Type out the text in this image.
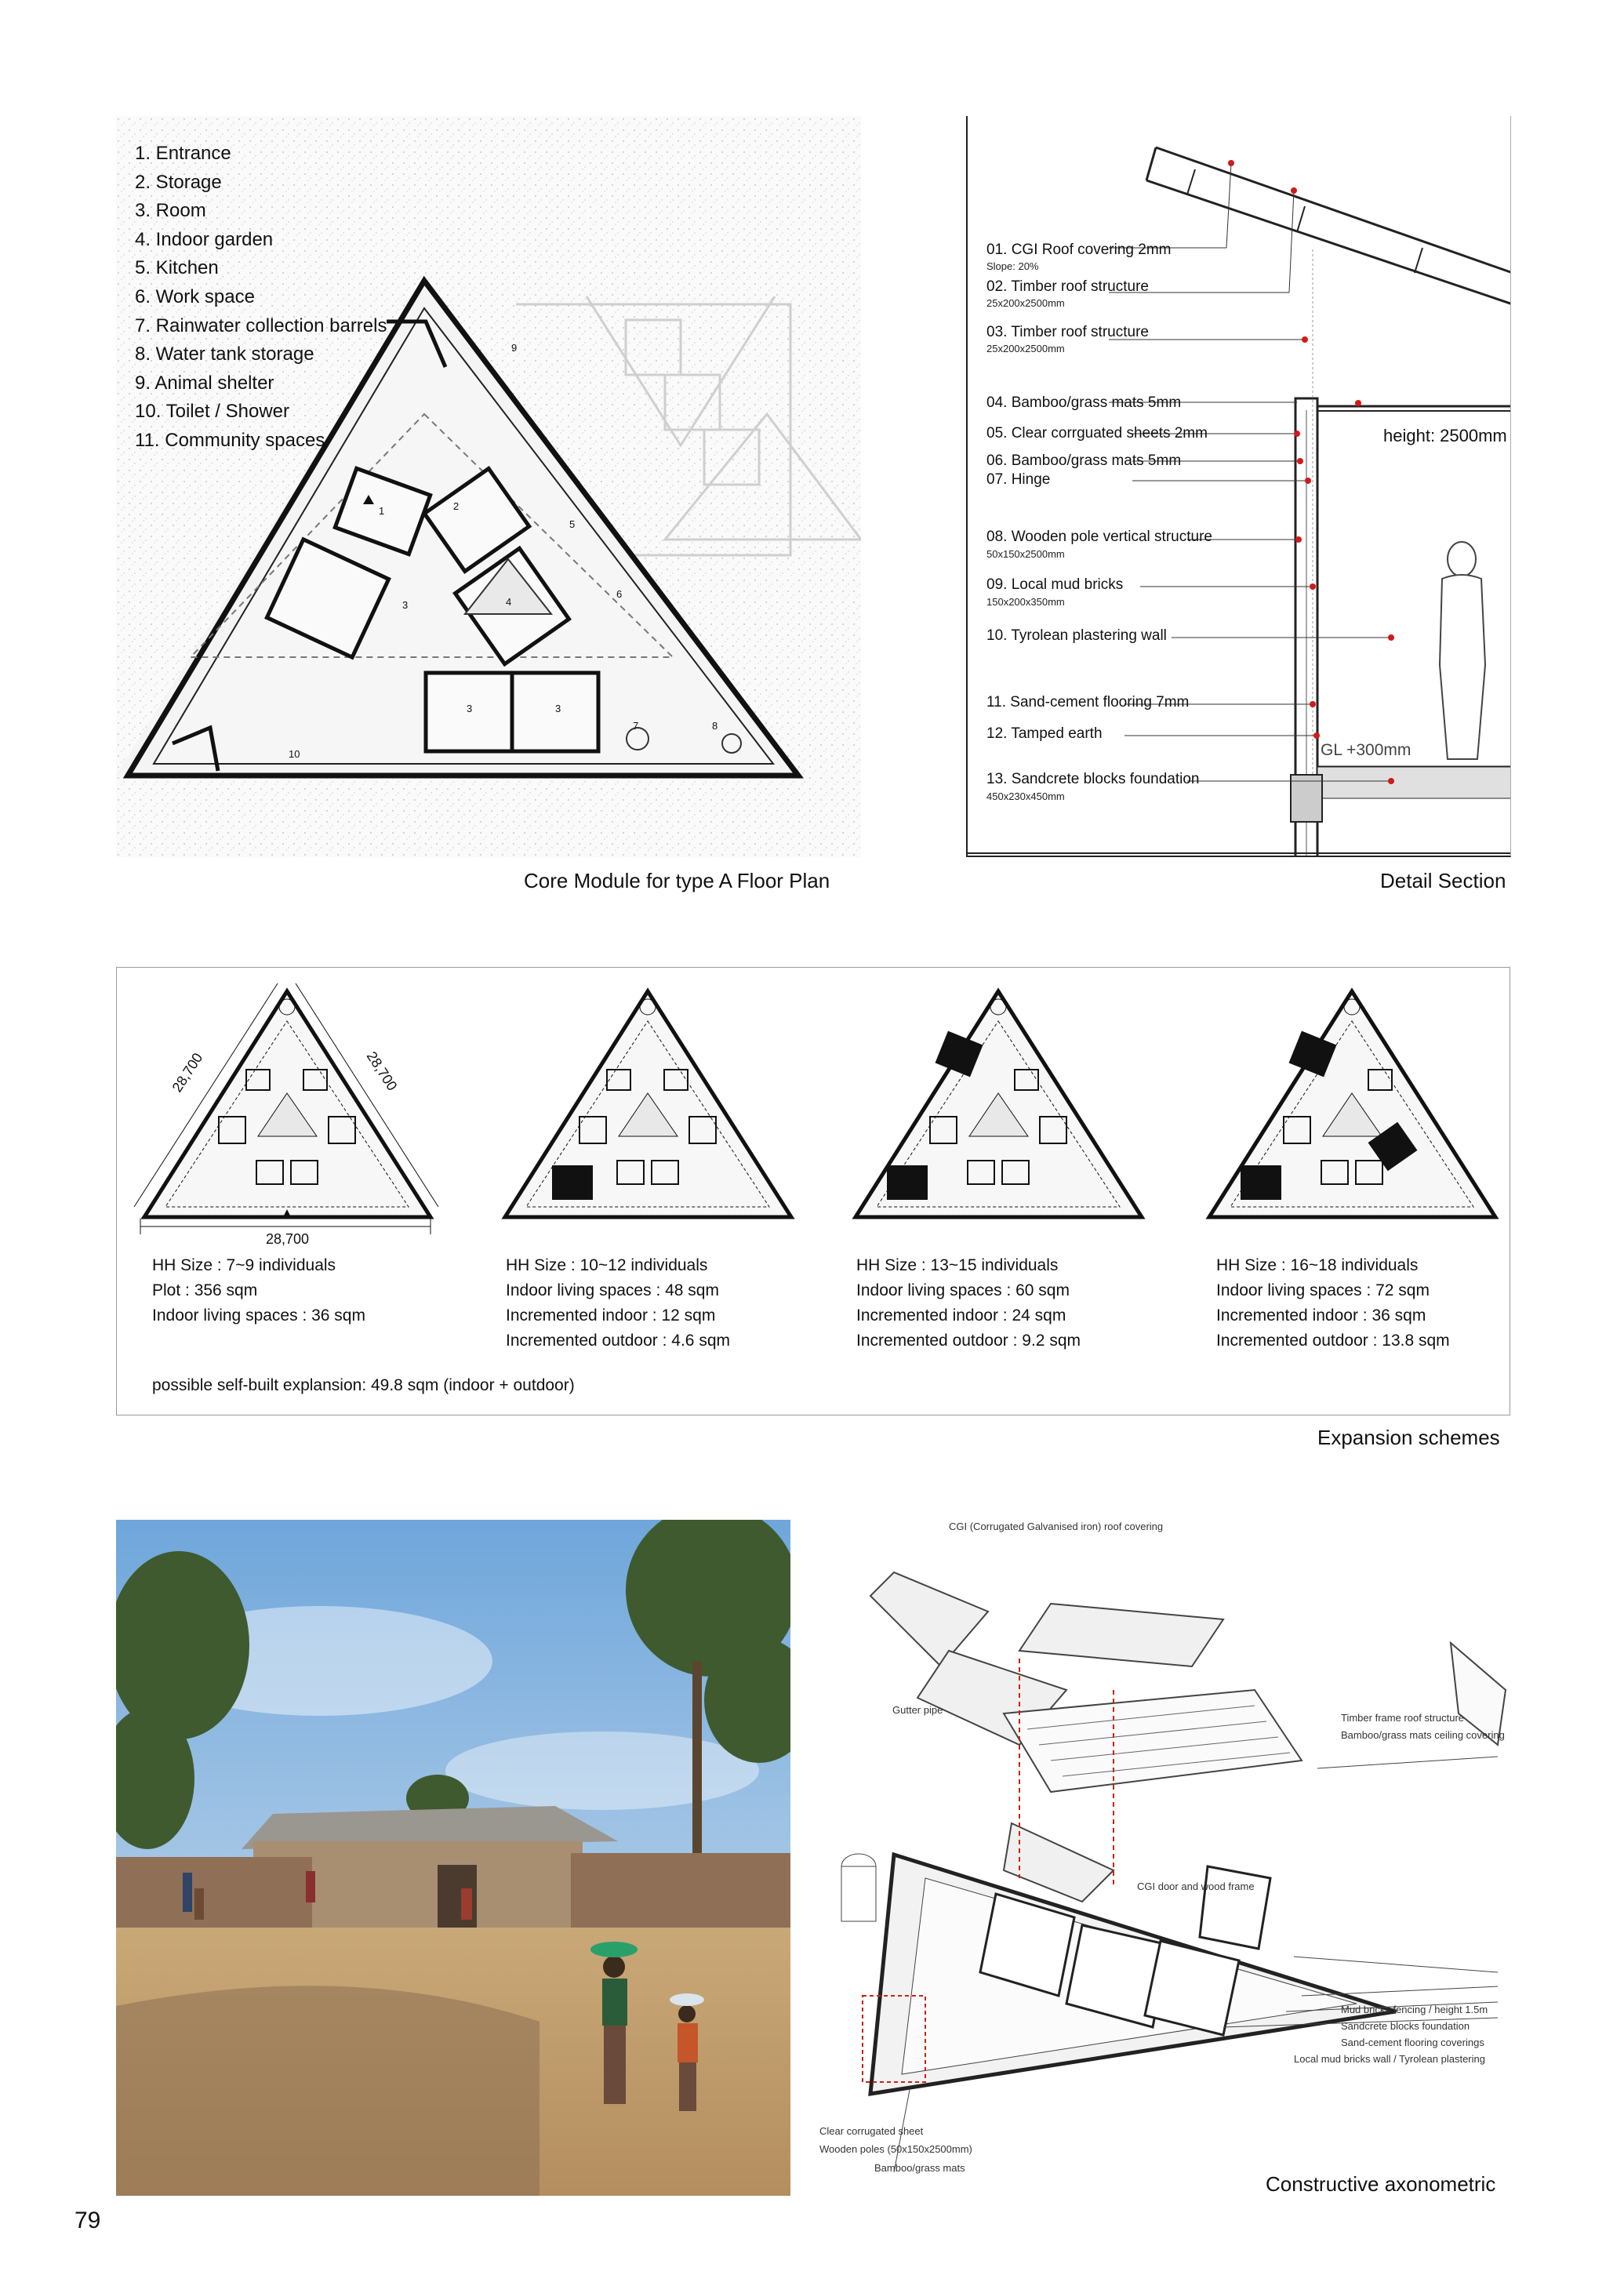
9
1	2
5
3	4
6
3	3
7	8
10
1. Entrance
2. Storage
3. Room
4. Indoor garden
5. Kitchen
6. Work space
7. Rainwater collection barrels
8. Water tank storage
9. Animal shelter
10. Toilet / Shower
11. Community spaces
Core Module for type A Floor Plan
01. CGI Roof covering 2mm
Slope: 20%
02. Timber roof structure
25x200x2500mm
03. Timber roof structure
25x200x2500mm
04. Bamboo/grass mats 5mm
05. Clear corrguated sheets 2mm
06. Bamboo/grass mats 5mm
07. Hinge
08. Wooden pole vertical structure
50x150x2500mm
09. Local mud bricks
150x200x350mm
10. Tyrolean plastering wall
11. Sand-cement flooring 7mm
12. Tamped earth
13. Sandcrete blocks foundation
450x230x450mm
height: 2500mm
GL +300mm
Detail Section
28,700
28,700	28,700
HH Size : 7~9 individuals
Plot : 356 sqm
Indoor living spaces : 36 sqm
HH Size : 10~12 individuals
Indoor living spaces : 48 sqm
Incremented indoor : 12 sqm
Incremented outdoor : 4.6 sqm
HH Size : 13~15 individuals
Indoor living spaces : 60 sqm
Incremented indoor : 24 sqm
Incremented outdoor : 9.2 sqm
HH Size : 16~18 individuals
Indoor living spaces : 72 sqm
Incremented indoor : 36 sqm
Incremented outdoor : 13.8 sqm
possible self-built explansion: 49.8 sqm (indoor + outdoor)
Expansion schemes
CGI (Corrugated Galvanised iron) roof covering
Gutter pipe
Timber frame roof structure
Bamboo/grass mats ceiling covering
CGI door and wood frame
Mud bricks fencing / height 1.5m
Sandcrete blocks foundation
Sand-cement flooring coverings
Local mud bricks wall / Tyrolean plastering
Clear corrugated sheet
Wooden poles (50x150x2500mm)
Bamboo/grass mats
Constructive axonometric
79
